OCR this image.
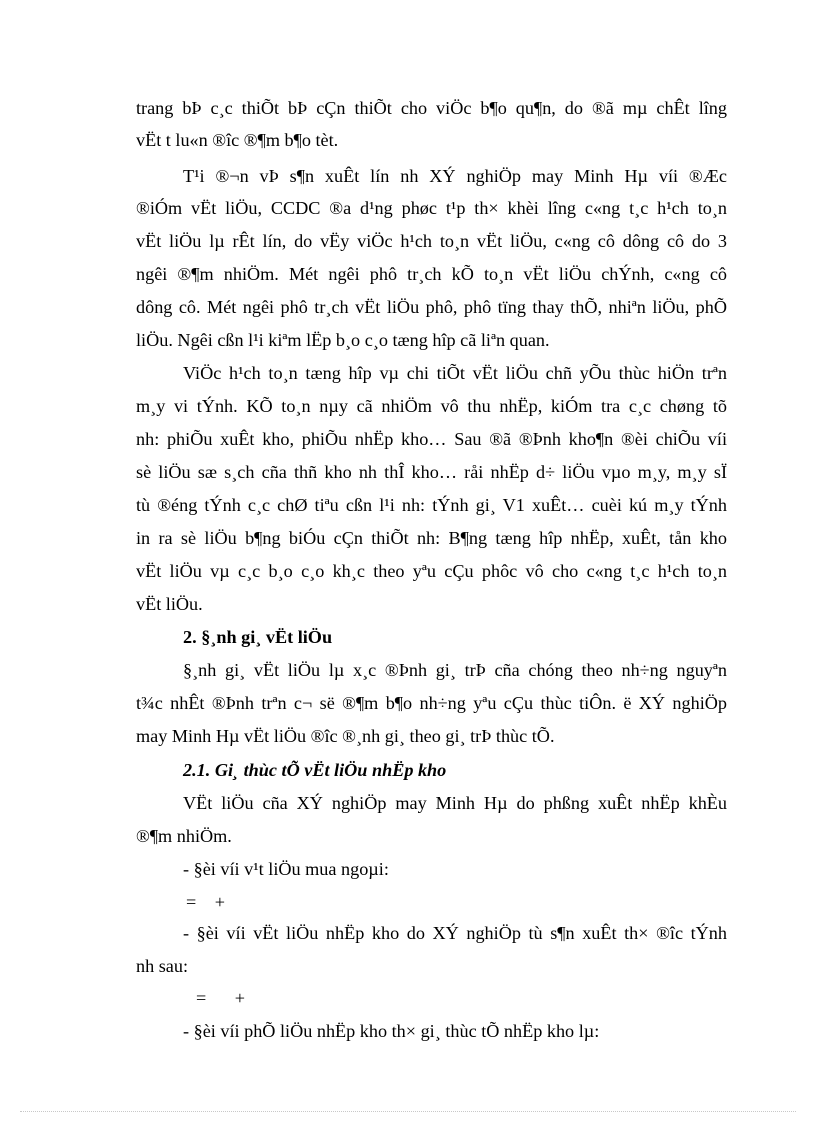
trang bÞ c¸c thiÕt bÞ cÇn thiÕt cho viÖc b¶o qu¶n, do ®ã mµ chÊt lîng
vËt t lu«n ®îc ®¶m b¶o tèt.
T¹i ®¬n vÞ s¶n xuÊt lín nh XÝ nghiÖp may Minh Hµ víi ®Æc
®iÓm vËt liÖu, CCDC ®a d¹ng phøc t¹p th× khèi lîng c«ng t¸c h¹ch to¸n
vËt liÖu lµ rÊt lín, do vËy viÖc h¹ch to¸n vËt liÖu, c«ng cô dông cô do 3
ngêi ®¶m nhiÖm. Mét ngêi phô tr¸ch kÕ to¸n vËt liÖu chÝnh, c«ng cô
dông cô. Mét ngêi phô tr¸ch vËt liÖu phô, phô tïng thay thÕ, nhiªn liÖu, phÕ
liÖu. Ngêi cßn l¹i kiªm lËp b¸o c¸o tæng hîp cã liªn quan.
ViÖc h¹ch to¸n tæng hîp vµ chi tiÕt vËt liÖu chñ yÕu thùc hiÖn trªn
m¸y vi tÝnh. KÕ to¸n nµy cã nhiÖm vô thu nhËp, kiÓm tra c¸c chøng tõ
nh: phiÕu xuÊt kho, phiÕu nhËp kho… Sau ®ã ®Þnh kho¶n ®èi chiÕu víi
sè liÖu sæ s¸ch cña thñ kho nh thÎ kho… råi nhËp d÷ liÖu vµo m¸y, m¸y sÏ
tù ®éng tÝnh c¸c chØ tiªu cßn l¹i nh: tÝnh gi¸ V1 xuÊt… cuèi kú m¸y tÝnh
in ra sè liÖu b¶ng biÓu cÇn thiÕt nh: B¶ng tæng hîp nhËp, xuÊt, tån kho
vËt liÖu vµ c¸c b¸o c¸o kh¸c theo yªu cÇu phôc vô cho c«ng t¸c h¹ch to¸n
vËt liÖu.
2. §¸nh gi¸ vËt liÖu
§¸nh gi¸ vËt liÖu lµ x¸c ®Þnh gi¸ trÞ cña chóng theo nh÷ng nguyªn
t¾c nhÊt ®Þnh trªn c¬ së ®¶m b¶o nh÷ng yªu cÇu thùc tiÔn. ë XÝ nghiÖp
may Minh Hµ vËt liÖu ®îc ®¸nh gi¸ theo gi¸ trÞ thùc tÕ.
2.1. Gi¸ thùc tÕ vËt liÖu nhËp kho
VËt liÖu cña XÝ nghiÖp may Minh Hµ do phßng xuÊt nhËp khÈu
®¶m nhiÖm.
- §èi víi v¹t liÖu mua ngoµi:
= +
- §èi víi vËt liÖu nhËp kho do XÝ nghiÖp tù s¶n xuÊt th× ®îc tÝnh
nh sau:
= +
- §èi víi phÕ liÖu nhËp kho th× gi¸ thùc tÕ nhËp kho lµ:
